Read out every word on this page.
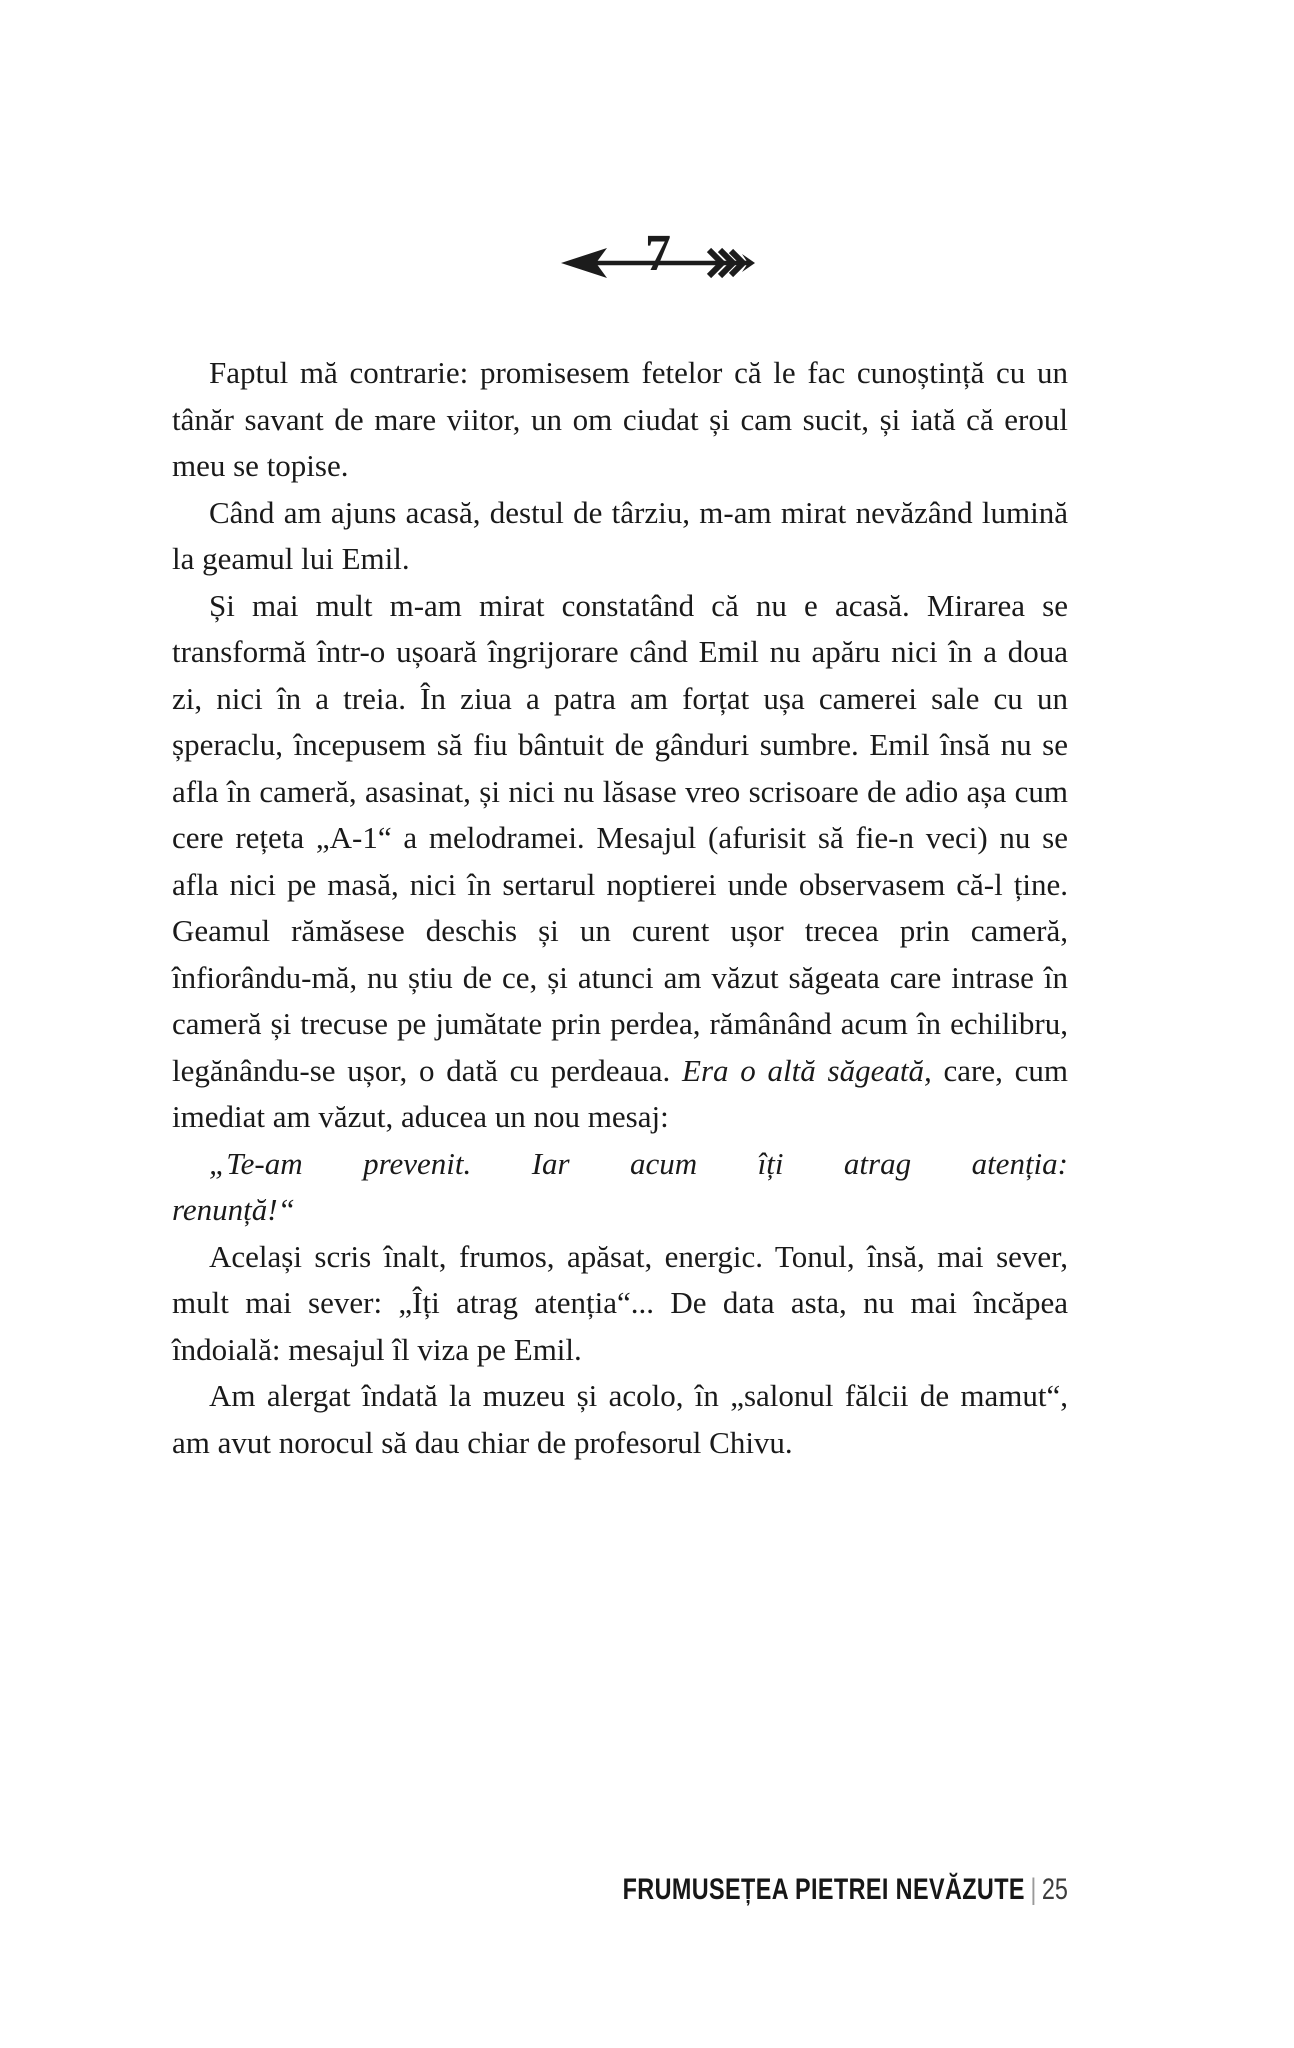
7

Faptul mă contrarie: promisesem fetelor că le fac cunoștință cu un tânăr savant de mare viitor, un om ciudat și cam sucit, și iată că eroul meu se topise.

Când am ajuns acasă, destul de târziu, m-am mirat nevăzând lumină la geamul lui Emil.

Și mai mult m-am mirat constatând că nu e acasă. Mirarea se transformă într-o ușoară îngrijorare când Emil nu apăru nici în a doua zi, nici în a treia. În ziua a patra am forțat ușa camerei sale cu un șperaclu, începusem să fiu bântuit de gânduri sumbre. Emil însă nu se afla în cameră, asasinat, și nici nu lăsase vreo scrisoare de adio așa cum cere rețeta „A-1“ a melodramei. Mesajul (afurisit să fie-n veci) nu se afla nici pe masă, nici în sertarul noptierei unde observasem că-l ține. Geamul rămăsese deschis și un curent ușor trecea prin cameră, înfiorându-mă, nu știu de ce, și atunci am văzut săgeata care intrase în cameră și trecuse pe jumătate prin perdea, rămânând acum în echilibru, legănându-se ușor, o dată cu perdeaua. Era o altă săgeată, care, cum imediat am văzut, aducea un nou mesaj:

„Te-am prevenit. Iar acum îți atrag atenția:
renunță!“

Același scris înalt, frumos, apăsat, energic. Tonul, însă, mai sever, mult mai sever: „Îți atrag atenția“... De data asta, nu mai încăpea îndoială: mesajul îl viza pe Emil.

Am alergat îndată la muzeu și acolo, în „salonul fălcii de mamut“, am avut norocul să dau chiar de profesorul Chivu.

FRUMUSEȚEA PIETREI NEVĂZUTE | 25
